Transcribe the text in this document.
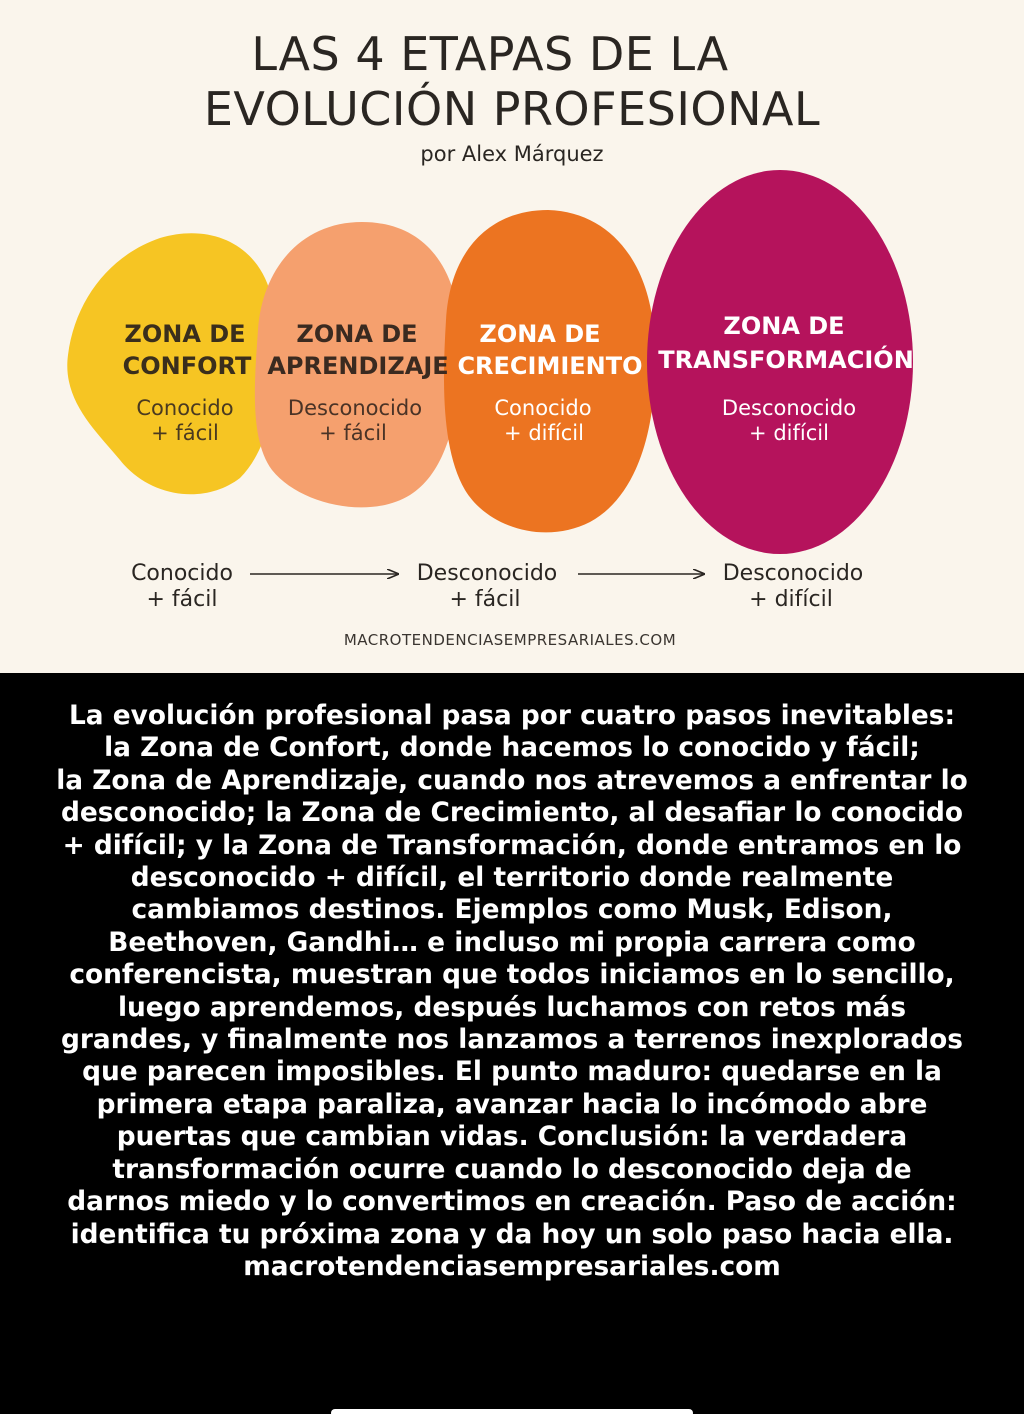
LAS 4 ETAPAS DE LA
EVOLUCIÓN PROFESIONAL
por Alex Márquez
ZONA DE
CONFORT
Conocido
+ fácil
ZONA DE
APRENDIZAJE
Desconocido
+ fácil
ZONA DE
CRECIMIENTO
Conocido
+ difícil
ZONA DE
TRANSFORMACIÓN
Desconocido
+ difícil
Conocido
+ fácil
Desconocido
+ fácil
Desconocido
+ difícil
MACROTENDENCIASEMPRESARIALES.COM
La evolución profesional pasa por cuatro pasos inevitables:
la Zona de Confort, donde hacemos lo conocido y fácil;
la Zona de Aprendizaje, cuando nos atrevemos a enfrentar lo
desconocido; la Zona de Crecimiento, al desafiar lo conocido
+ difícil; y la Zona de Transformación, donde entramos en lo
desconocido + difícil, el territorio donde realmente
cambiamos destinos. Ejemplos como Musk, Edison,
Beethoven, Gandhi… e incluso mi propia carrera como
conferencista, muestran que todos iniciamos en lo sencillo,
luego aprendemos, después luchamos con retos más
grandes, y finalmente nos lanzamos a terrenos inexplorados
que parecen imposibles. El punto maduro: quedarse en la
primera etapa paraliza, avanzar hacia lo incómodo abre
puertas que cambian vidas. Conclusión: la verdadera
transformación ocurre cuando lo desconocido deja de
darnos miedo y lo convertimos en creación. Paso de acción:
identifica tu próxima zona y da hoy un solo paso hacia ella.
macrotendenciasempresariales.com
